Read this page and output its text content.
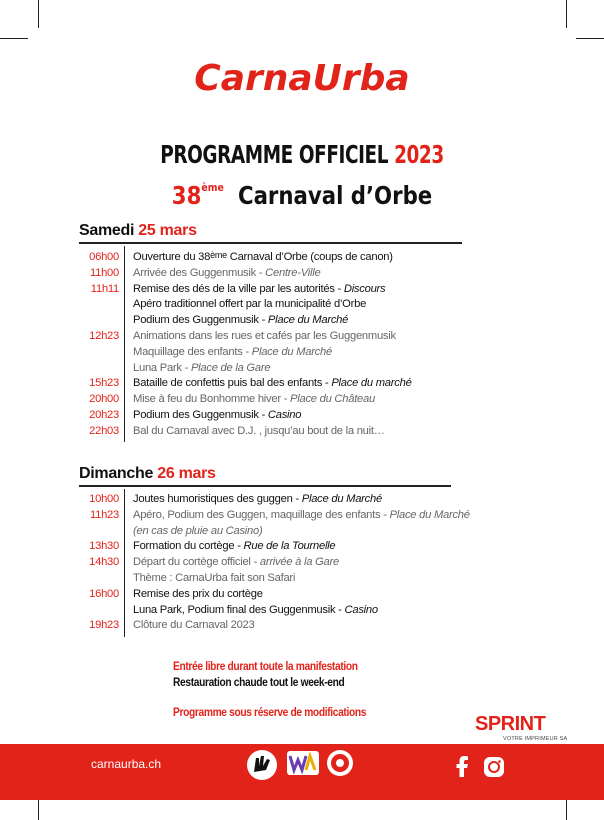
CarnaUrba
PROGRAMME OFFICIEL 2023
38ème Carnaval d’Orbe
Samedi 25 mars
06h00 Ouverture du 38ème Carnaval d’Orbe (coups de canon)
11h00 Arrivée des Guggenmusik - Centre-Ville
11h11 Remise des dés de la ville par les autorités - Discours
Apéro traditionnel offert par la municipalité d’Orbe
Podium des Guggenmusik - Place du Marché
12h23 Animations dans les rues et cafés par les Guggenmusik
Maquillage des enfants - Place du Marché
Luna Park - Place de la Gare
15h23 Bataille de confettis puis bal des enfants - Place du marché
20h00 Mise à feu du Bonhomme hiver - Place du Château
20h23 Podium des Guggenmusik - Casino
22h03 Bal du Carnaval avec D.J. , jusqu’au bout de la nuit…
Dimanche 26 mars
10h00 Joutes humoristiques des guggen - Place du Marché
11h23 Apéro, Podium des Guggen, maquillage des enfants - Place du Marché
(en cas de pluie au Casino)
13h30 Formation du cortège - Rue de la Tournelle
14h30 Départ du cortège officiel - arrivée à la Gare
Thème : CarnaUrba fait son Safari
16h00 Remise des prix du cortège
Luna Park, Podium final des Guggenmusik - Casino
19h23 Clôture du Carnaval 2023
Entrée libre durant toute la manifestation
Restauration chaude tout le week-end
Programme sous réserve de modifications
SPRINT
VOTRE IMPRIMEUR SA
carnaurba.ch
